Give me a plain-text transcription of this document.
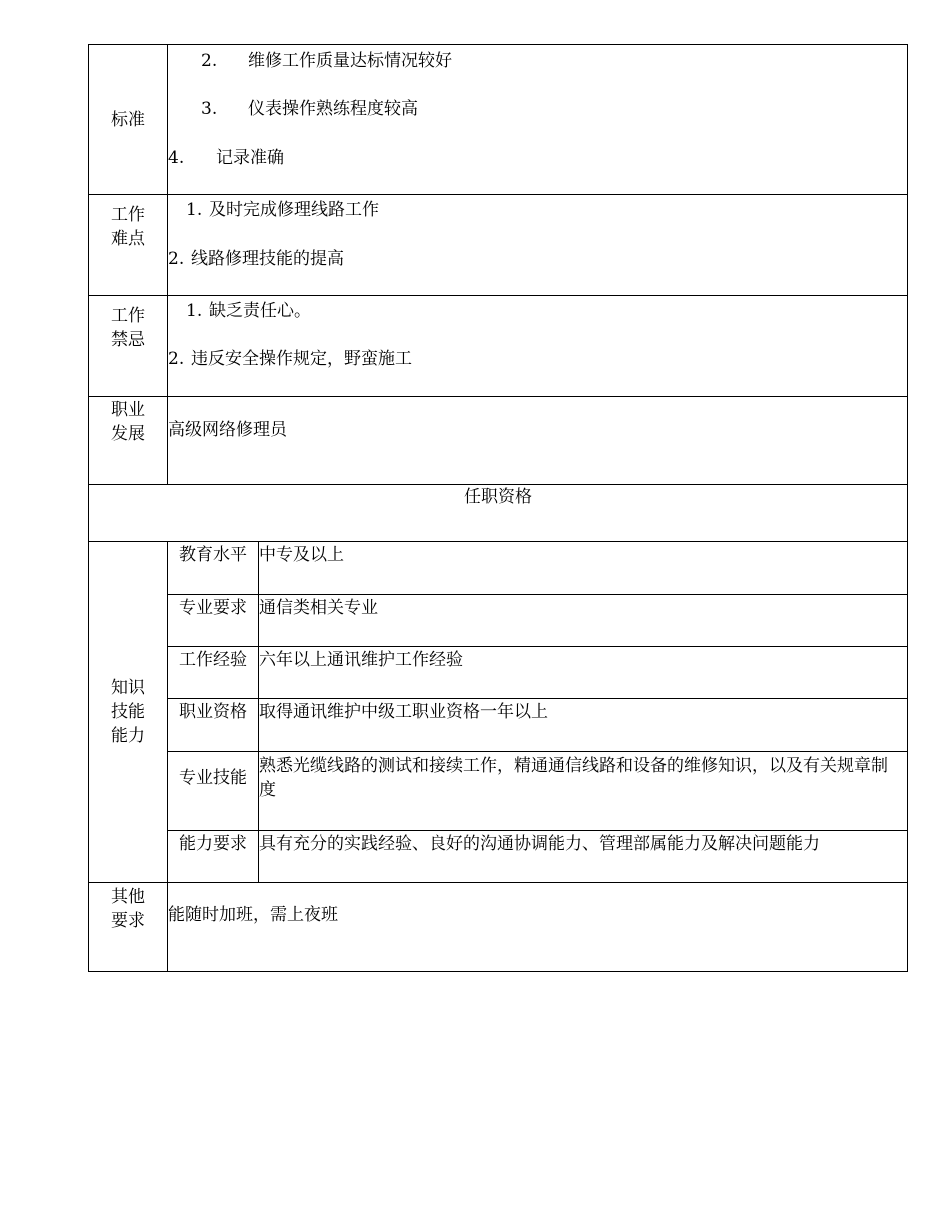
标准	2. 维修工作质量达标情况较好
3. 仪表操作熟练程度较高
4. 记录准确	

工作
难点	1. 及时完成修理线路工作
2. 线路修理技能的提高	

工作
禁忌	1. 缺乏责任心。
2. 违反安全操作规定，野蛮施工	

职业
发展	高级网络修理员	

任职资格		

知识
技能
能力	教育水平	中专及以上
	专业要求	通信类相关专业
	工作经验	六年以上通讯维护工作经验
	职业资格	取得通讯维护中级工职业资格一年以上
	专业技能	熟悉光缆线路的测试和接续工作，精通通信线路和设备的维修知识，以及有关规章制度
	能力要求	具有充分的实践经验、良好的沟通协调能力、管理部属能力及解决问题能力

其他
要求	能随时加班，需上夜班	
